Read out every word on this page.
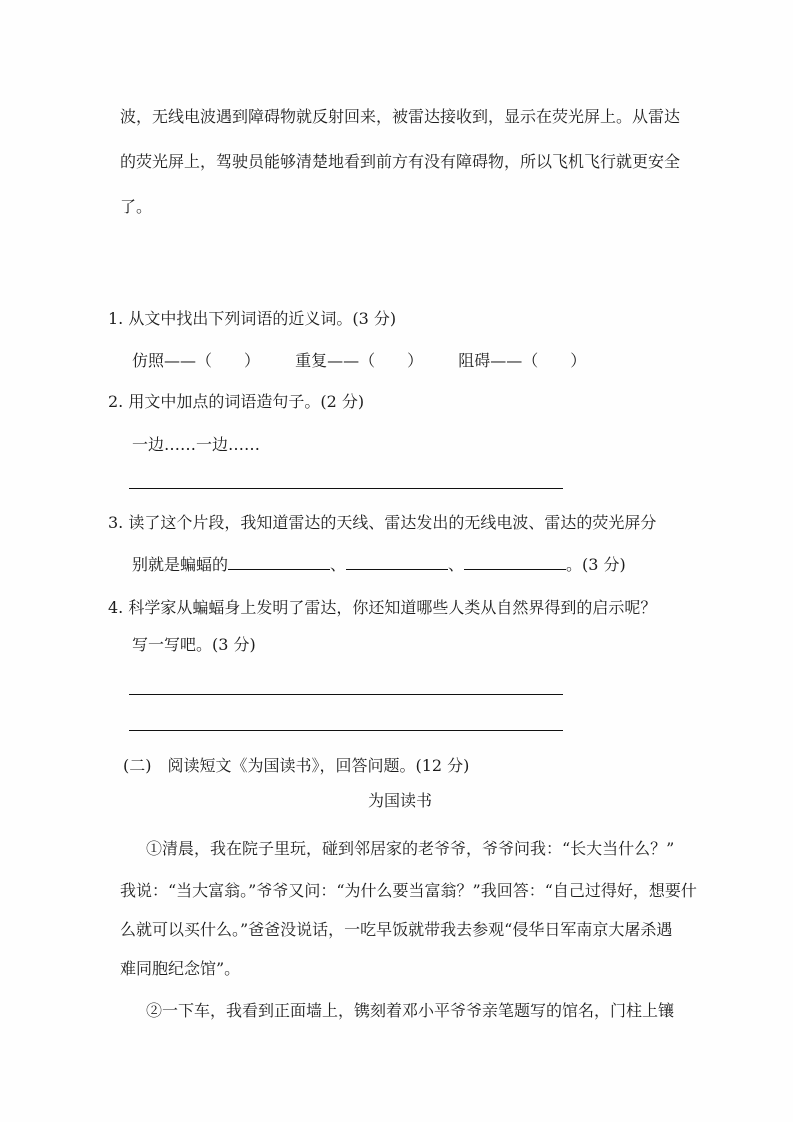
波，无线电波遇到障碍物就反射回来，被雷达接收到，显示在荧光屏上。从雷达
的荧光屏上，驾驶员能够清楚地看到前方有没有障碍物，所以飞机飞行就更安全
了。
1. 从文中找出下列词语的近义词。(3 分)
仿照——（　　） 重复——（　　） 阻碍——（　　）
2. 用文中加点的词语造句子。(2 分)
一边……一边……
3. 读了这个片段，我知道雷达的天线、雷达发出的无线电波、雷达的荧光屏分
别就是蝙蝠的	、	、	。(3 分)
4. 科学家从蝙蝠身上发明了雷达，你还知道哪些人类从自然界得到的启示呢？
写一写吧。(3 分)
(二)　阅读短文《为国读书》，回答问题。(12 分)
为国读书
①清晨，我在院子里玩，碰到邻居家的老爷爷，爷爷问我：“长大当什么？”
我说：“当大富翁。”爷爷又问：“为什么要当富翁？”我回答：“自己过得好，想要什
么就可以买什么。”爸爸没说话，一吃早饭就带我去参观“侵华日军南京大屠杀遇
难同胞纪念馆”。
②一下车，我看到正面墙上，镌刻着邓小平爷爷亲笔题写的馆名，门柱上镶
